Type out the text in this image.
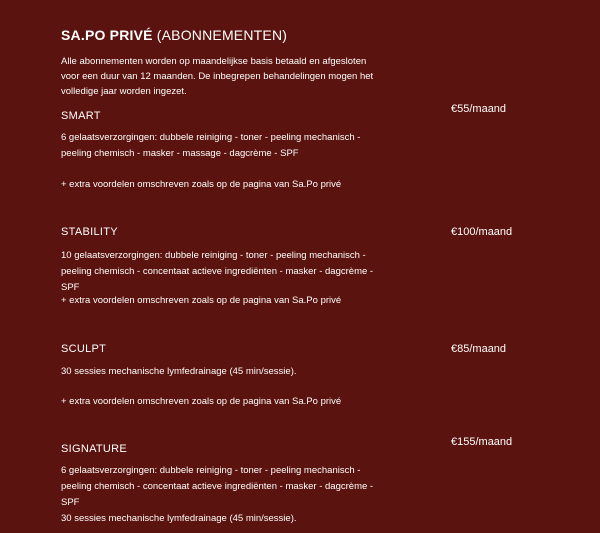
SA.PO PRIVÉ (ABONNEMENTEN)
Alle abonnementen worden op maandelijkse basis betaald en afgesloten voor een duur van 12 maanden. De inbegrepen behandelingen mogen het volledige jaar worden ingezet.
SMART
€55/maand
6 gelaatsverzorgingen: dubbele reiniging - toner - peeling mechanisch - peeling chemisch - masker - massage - dagcrème - SPF
+ extra voordelen omschreven zoals op de pagina van Sa.Po privé
STABILITY	€100/maand
10 gelaatsverzorgingen: dubbele reiniging - toner - peeling mechanisch - peeling chemisch - concentaat actieve ingrediënten - masker - dagcrème - SPF
+ extra voordelen omschreven zoals op de pagina van Sa.Po privé
SCULPT	€85/maand
30 sessies mechanische lymfedrainage (45 min/sessie).
+ extra voordelen omschreven zoals op de pagina van Sa.Po privé
SIGNATURE
€155/maand
6 gelaatsverzorgingen: dubbele reiniging - toner - peeling mechanisch - peeling chemisch - concentaat actieve ingrediënten - masker - dagcrème - SPF
30 sessies mechanische lymfedrainage (45 min/sessie).
